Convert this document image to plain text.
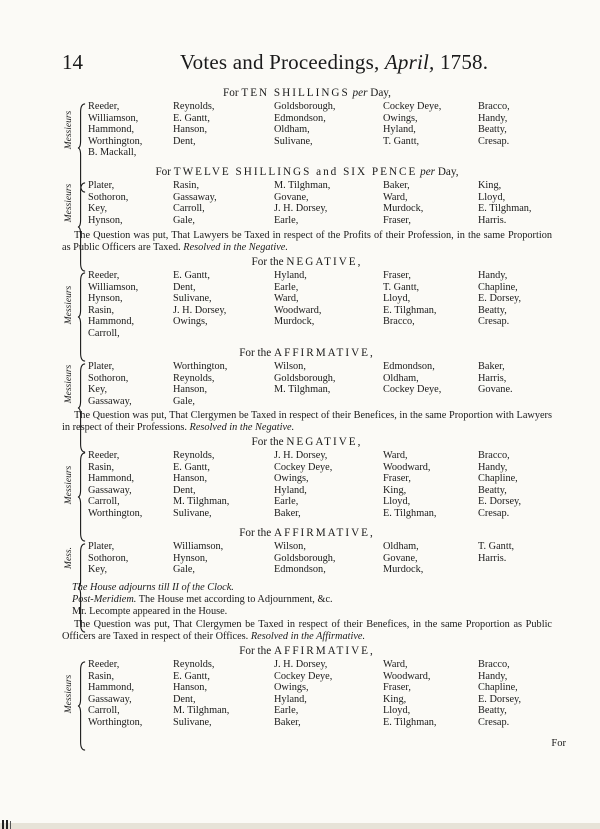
14	Votes and Proceedings, April, 1758.
For TEN SHILLINGS per Day,
Messieurs
Reeder,	Reynolds,	Goldsborough,	Cockey Deye,	Bracco,
Williamson,	E. Gantt,	Edmondson,	Owings,	Handy,
Hammond,	Hanson,	Oldham,	Hyland,	Beatty,
Worthington,	Dent,	Sulivane,	T. Gantt,	Cresap.
B. Mackall,
For TWELVE SHILLINGS and SIX PENCE per Day,
Messieurs Plater,	Rasin,	M. Tilghman,	Baker,	King,
Sothoron,	Gassaway,	Govane,	Ward,	Lloyd,
Key,	Carroll,	J. H. Dorsey,	Murdock,	E. Tilghman,
Hynson,	Gale,	Earle,	Fraser,	Harris.
The Question was put, That Lawyers be Taxed in respect of the Profits of their Profession, in the same Proportion as Public Officers are Taxed. Resolved in the Negative.
For the NEGATIVE,
Messieurs
Reeder,	E. Gantt,	Hyland,	Fraser,	Handy,
Williamson,	Dent,	Earle,	T. Gantt,	Chapline,
Hynson,	Sulivane,	Ward,	Lloyd,	E. Dorsey,
Rasin,	J. H. Dorsey,	Woodward,	E. Tilghman,	Beatty,
Hammond,	Owings,	Murdock,	Bracco,	Cresap.
Carroll,
For the AFFIRMATIVE,
Messieurs Plater,	Worthington,	Wilson,	Edmondson,	Baker,
Sothoron,	Reynolds,	Goldsborough,	Oldham,	Harris,
Key,	Hanson,	M. Tilghman,	Cockey Deye,	Govane.
Gassaway,	Gale,
The Question was put, That Clergymen be Taxed in respect of their Benefices, in the same Proportion with Lawyers in respect of their Professions. Resolved in the Negative.
For the NEGATIVE,
Messieurs
Reeder,	Reynolds,	J. H. Dorsey,	Ward,	Bracco,
Rasin,	E. Gantt,	Cockey Deye,	Woodward,	Handy,
Hammond,	Hanson,	Owings,	Fraser,	Chapline,
Gassaway,	Dent,	Hyland,	King,	Beatty,
Carroll,	M. Tilghman,	Earle,	Lloyd,	E. Dorsey,
Worthington,	Sulivane,	Baker,	E. Tilghman,	Cresap.
For the AFFIRMATIVE,
Mess.
Plater,	Williamson,	Wilson,	Oldham,	T. Gantt,
Sothoron,	Hynson,	Goldsborough,	Govane,	Harris.
Key,	Gale,	Edmondson,	Murdock,
The House adjourns till II of the Clock.
Post-Meridiem. The House met according to Adjournment, &c.
Mr. Lecompte appeared in the House.
The Question was put, That Clergymen be Taxed in respect of their Benefices, in the same Proportion as Public Officers are Taxed in respect of their Offices. Resolved in the Affirmative.
For the AFFIRMATIVE,
Messieurs
Reeder,	Reynolds,	J. H. Dorsey,	Ward,	Bracco,
Rasin,	E. Gantt,	Cockey Deye,	Woodward,	Handy,
Hammond,	Hanson,	Owings,	Fraser,	Chapline,
Gassaway,	Dent,	Hyland,	King,	E. Dorsey,
Carroll,	M. Tilghman,	Earle,	Lloyd,	Beatty,
Worthington,	Sulivane,	Baker,	E. Tilghman,	Cresap.
For
